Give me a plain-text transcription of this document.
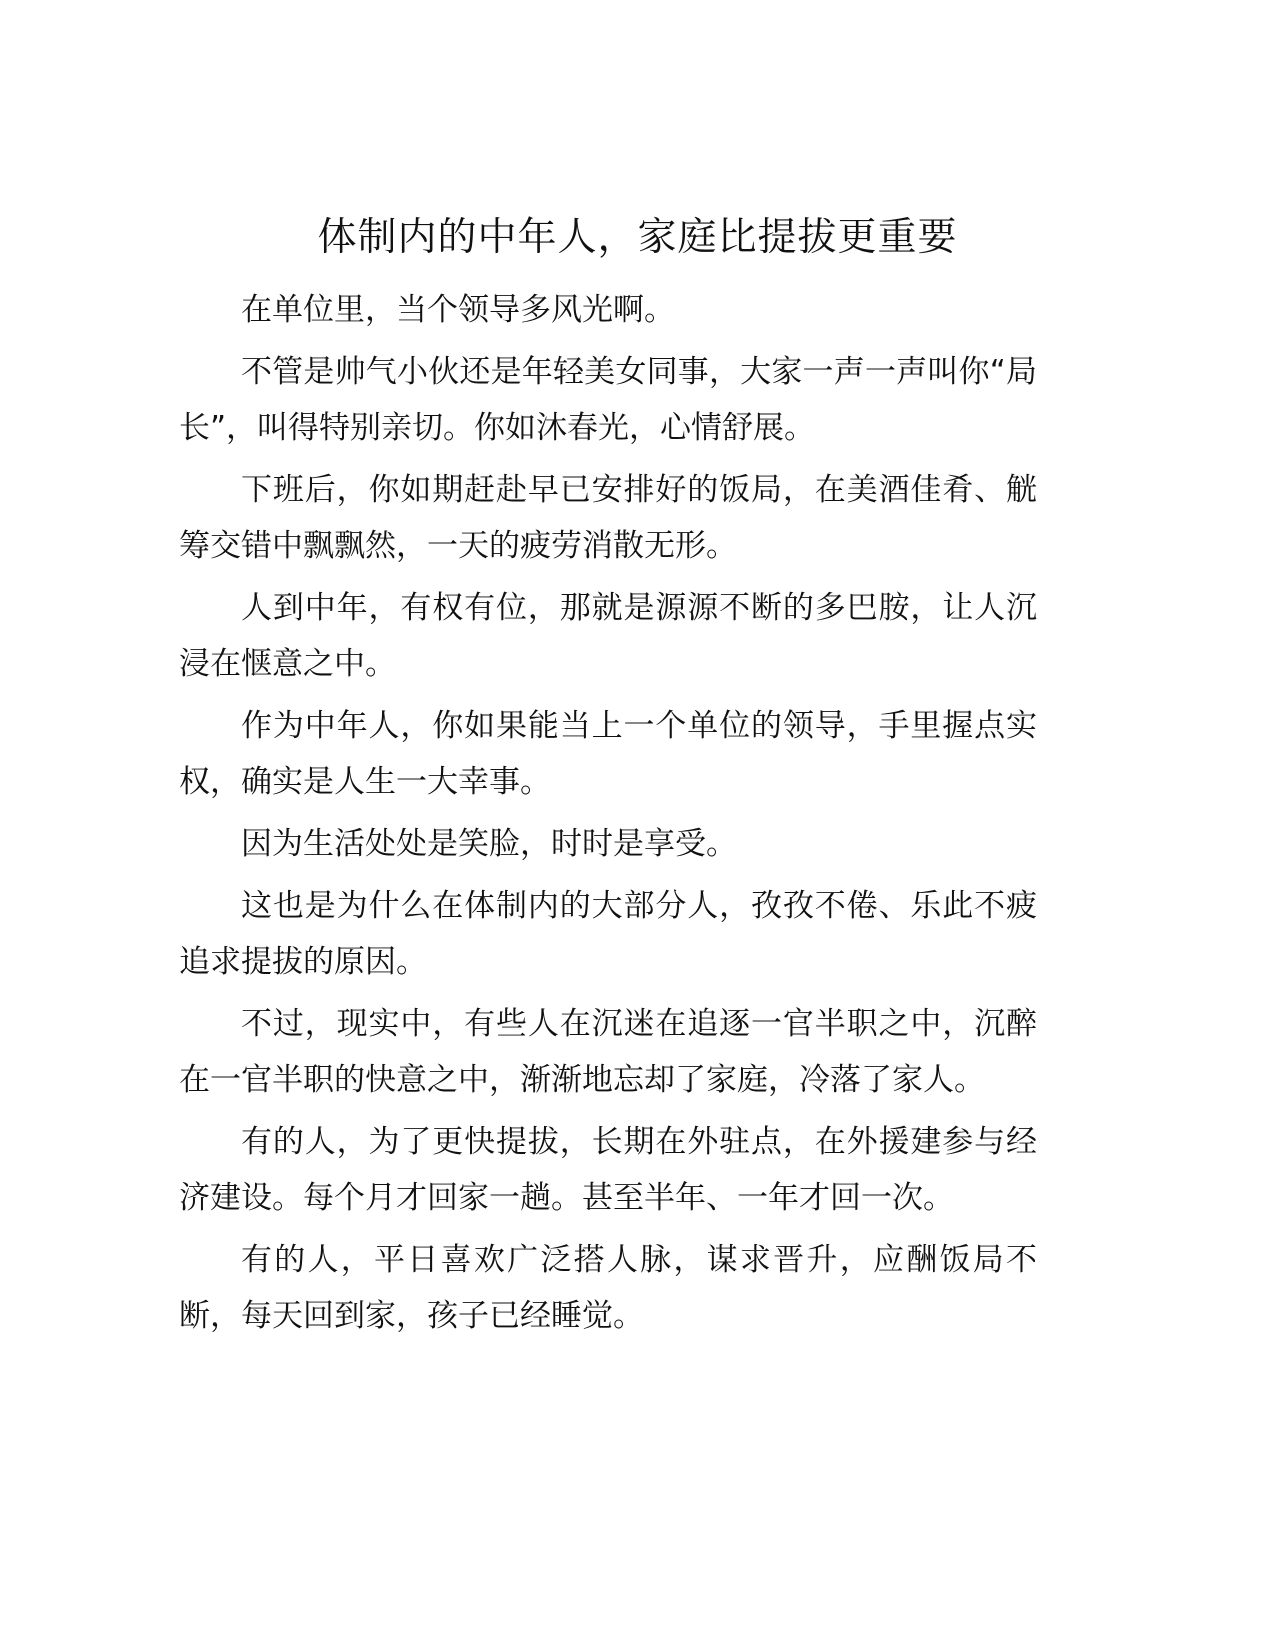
体制内的中年人，家庭比提拔更重要

在单位里，当个领导多风光啊。

不管是帅气小伙还是年轻美女同事，大家一声一声叫你“局长”，叫得特别亲切。你如沐春光，心情舒展。

下班后，你如期赶赴早已安排好的饭局，在美酒佳肴、觥筹交错中飘飘然，一天的疲劳消散无形。

人到中年，有权有位，那就是源源不断的多巴胺，让人沉浸在惬意之中。

作为中年人，你如果能当上一个单位的领导，手里握点实权，确实是人生一大幸事。

因为生活处处是笑脸，时时是享受。

这也是为什么在体制内的大部分人，孜孜不倦、乐此不疲追求提拔的原因。

不过，现实中，有些人在沉迷在追逐一官半职之中，沉醉在一官半职的快意之中，渐渐地忘却了家庭，冷落了家人。

有的人，为了更快提拔，长期在外驻点，在外援建参与经济建设。每个月才回家一趟。甚至半年、一年才回一次。

有的人，平日喜欢广泛搭人脉，谋求晋升，应酬饭局不断，每天回到家，孩子已经睡觉。
